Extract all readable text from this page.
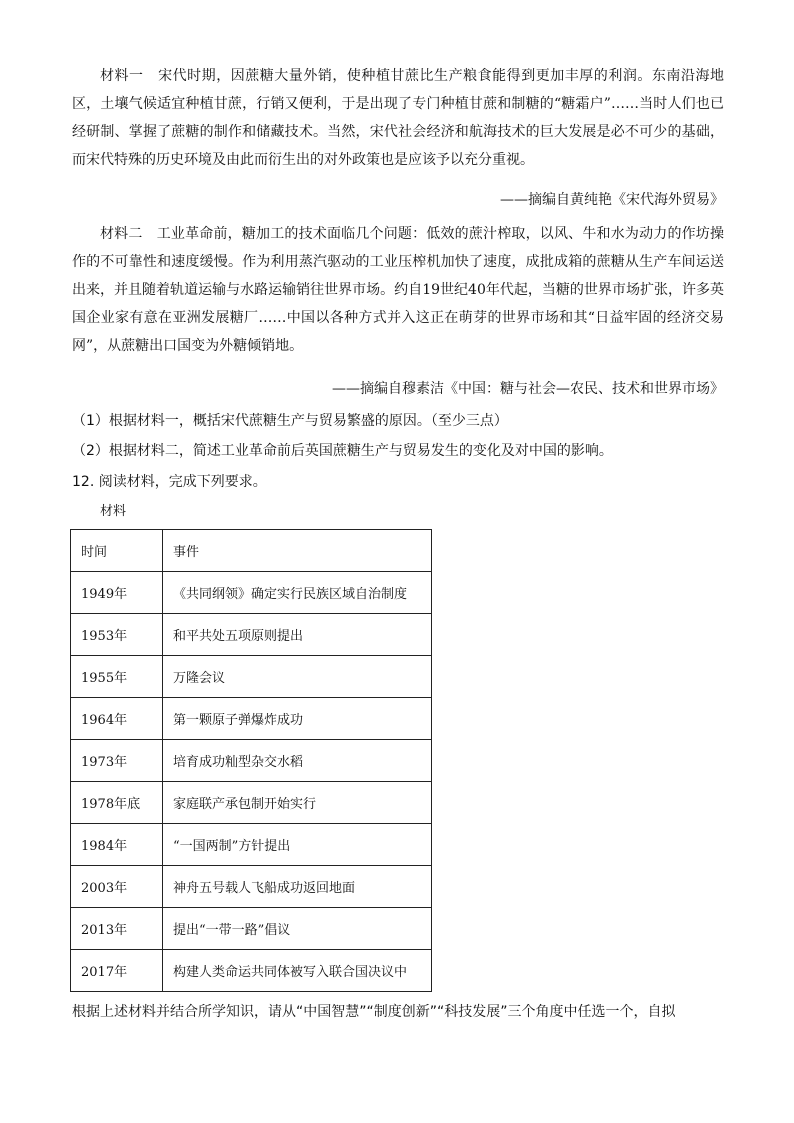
材料一　宋代时期，因蔗糖大量外销，使种植甘蔗比生产粮食能得到更加丰厚的利润。东南沿海地区，土壤气候适宜种植甘蔗，行销又便利，于是出现了专门种植甘蔗和制糖的“糖霜户”……当时人们也已经研制、掌握了蔗糖的制作和储藏技术。当然，宋代社会经济和航海技术的巨大发展是必不可少的基础，而宋代特殊的历史环境及由此而衍生出的对外政策也是应该予以充分重视。

——摘编自黄纯艳《宋代海外贸易》

材料二　工业革命前，糖加工的技术面临几个问题：低效的蔗汁榨取，以风、牛和水为动力的作坊操作的不可靠性和速度缓慢。作为利用蒸汽驱动的工业压榨机加快了速度，成批成箱的蔗糖从生产车间运送出来，并且随着轨道运输与水路运输销往世界市场。约自19世纪40年代起，当糖的世界市场扩张，许多英国企业家有意在亚洲发展糖厂……中国以各种方式并入这正在萌芽的世界市场和其“日益牢固的经济交易网”，从蔗糖出口国变为外糖倾销地。

——摘编自穆素洁《中国：糖与社会—农民、技术和世界市场》

（1）根据材料一，概括宋代蔗糖生产与贸易繁盛的原因。（至少三点）

（2）根据材料二，简述工业革命前后英国蔗糖生产与贸易发生的变化及对中国的影响。

12. 阅读材料，完成下列要求。

材料

时间	事件
1949年	《共同纲领》确定实行民族区域自治制度
1953年	和平共处五项原则提出
1955年	万隆会议
1964年	第一颗原子弹爆炸成功
1973年	培育成功籼型杂交水稻
1978年底	家庭联产承包制开始实行
1984年	“一国两制”方针提出
2003年	神舟五号载人飞船成功返回地面
2013年	提出“一带一路”倡议
2017年	构建人类命运共同体被写入联合国决议中

根据上述材料并结合所学知识，请从“中国智慧”“制度创新”“科技发展”三个角度中任选一个，自拟
